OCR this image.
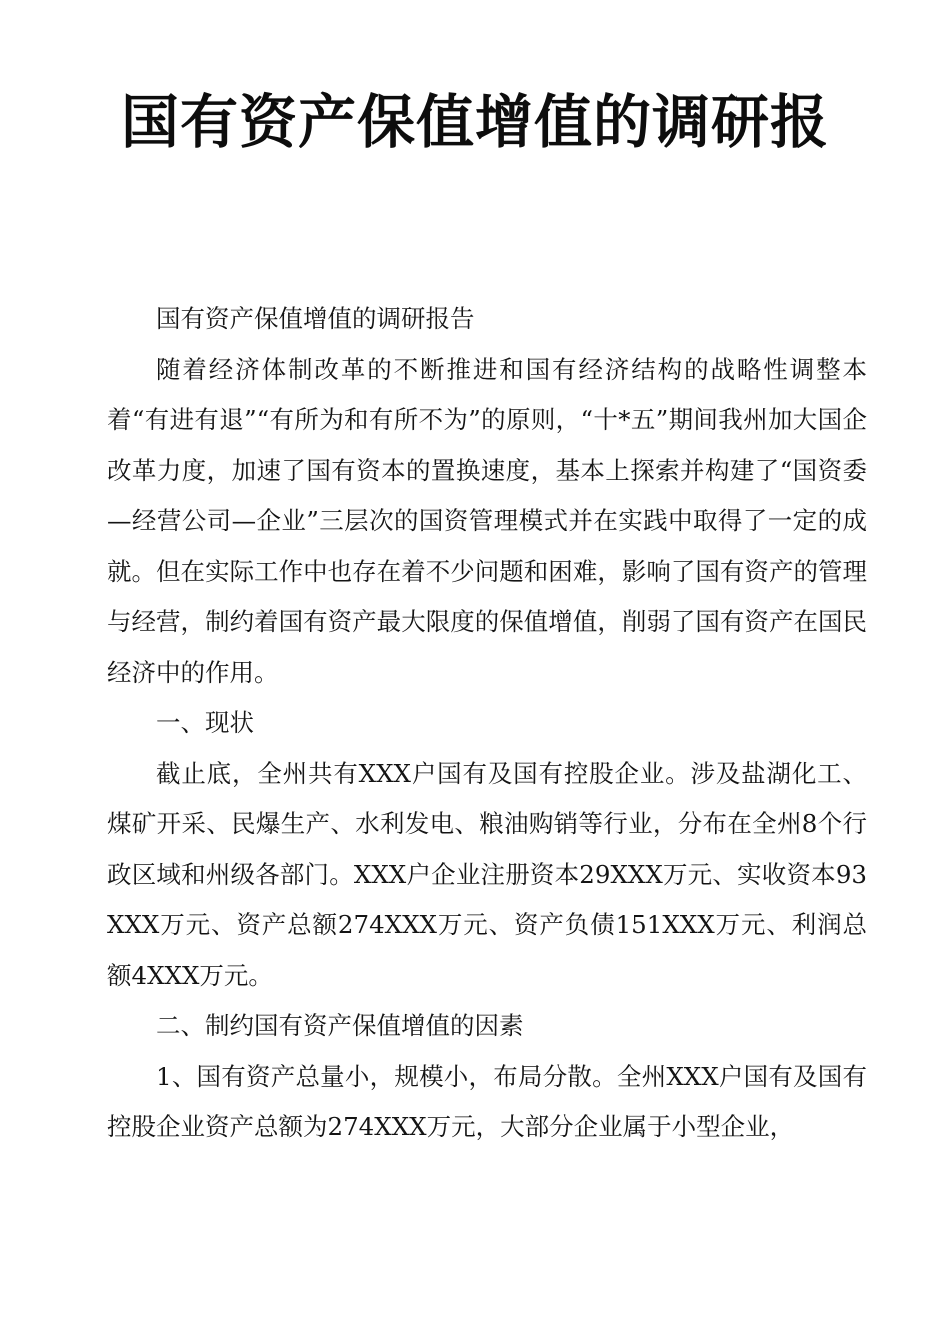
国有资产保值增值的调研报

国有资产保值增值的调研报告

随着经济体制改革的不断推进和国有经济结构的战略性调整本着“有进有退”“有所为和有所不为”的原则，“十*五”期间我州加大国企改革力度，加速了国有资本的置换速度，基本上探索并构建了“国资委—经营公司—企业”三层次的国资管理模式并在实践中取得了一定的成就。但在实际工作中也存在着不少问题和困难，影响了国有资产的管理与经营，制约着国有资产最大限度的保值增值，削弱了国有资产在国民经济中的作用。

一、现状

截止底，全州共有XXX户国有及国有控股企业。涉及盐湖化工、煤矿开采、民爆生产、水利发电、粮油购销等行业，分布在全州8个行政区域和州级各部门。XXX户企业注册资本29XXX万元、实收资本93XXX万元、资产总额274XXX万元、资产负债151XXX万元、利润总额4XXX万元。

二、制约国有资产保值增值的因素

1、国有资产总量小，规模小，布局分散。全州XXX户国有及国有控股企业资产总额为274XXX万元，大部分企业属于小型企业，
